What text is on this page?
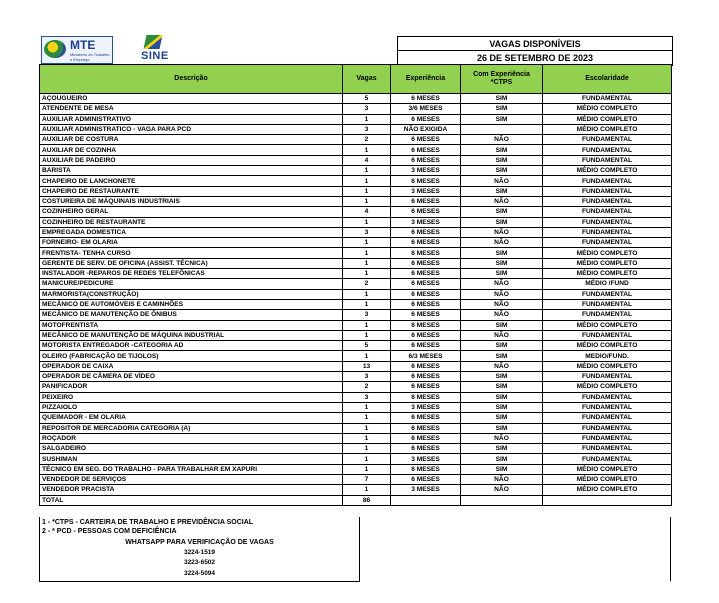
MTE
Ministério do Trabalho e Emprego	SINE
VAGAS DISPONÍVEIS
26 DE SETEMBRO DE 2023
Descrição	Vagas	Experiência	Com Experiência *CTPS	Escolaridade
AÇOUGUEIRO	5	6 MESES	SIM	FUNDAMENTAL
ATENDENTE DE MESA	3	3/6 MESES	SIM	MÉDIO COMPLETO
AUXILIAR ADMINISTRATIVO	1	6 MESES	SIM	MÉDIO COMPLETO
AUXILIAR ADMINISTRATICO - VAGA PARA PCD	3	NÃO EXIGIDA		MÉDIO COMPLETO
AUXILIAR DE COSTURA	2	6 MESES	NÃO	FUNDAMENTAL
AUXILIAR DE COZINHA	1	6 MESES	SIM	FUNDAMENTAL
AUXILIAR DE PADEIRO	4	6 MESES	SIM	FUNDAMENTAL
BARISTA	1	3 MESES	SIM	MÉDIO COMPLETO
CHAPEIRO DE LANCHONETE	1	6 MESES	NÃO	FUNDAMENTAL
CHAPEIRO DE RESTAURANTE	1	3 MESES	SIM	FUNDAMENTAL
COSTUREIRA DE MÁQUINAIS INDUSTRIAIS	1	6 MESES	NÃO	FUNDAMENTAL
COZINHEIRO GERAL	4	6 MESES	SIM	FUNDAMENTAL
COZINHEIRO DE RESTAURANTE	1	3 MESES	SIM	FUNDAMENTAL
EMPREGADA DOMESTICA	3	6 MESES	NÃO	FUNDAMENTAL
FORNEIRO- EM OLARIA	1	6 MESES	NÃO	FUNDAMENTAL
FRENTISTA- TENHA CURSO	1	6 MESES	SIM	MÉDIO COMPLETO
GERENTE DE SERV. DE OFICINA (ASSIST. TÉCNICA)	1	6 MESES	SIM	MÉDIO COMPLETO
INSTALADOR -REPAROS DE REDES TELEFÔNICAS	1	6 MESES	SIM	MÉDIO COMPLETO
MANICURE/PEDICURE	2	6 MESES	NÃO	MÉDIO /FUND
MARMORISTA(CONSTRUÇÃO)	1	6 MESES	NÃO	FUNDAMENTAL
MECÂNICO DE AUTOMÓVEIS E CAMINHÕES	1	6 MESES	NÃO	FUNDAMENTAL
MECÂNICO DE MANUTENÇÃO DE ÔNIBUS	3	6 MESES	NÃO	FUNDAMENTAL
MOTOFRENTISTA	1	6 MESES	SIM	MÉDIO COMPLETO
MECÂNICO DE MANUTENÇÃO DE MÁQUINA INDUSTRIAL	1	6 MESES	NÃO	FUNDAMENTAL
MOTORISTA ENTREGADOR -CATEGORIA AD	5	6 MESES	SIM	MÉDIO COMPLETO
OLEIRO (FABRICAÇÃO DE TIJOLOS)	1	6/3 MESES	SIM	MEDIO/FUND.
OPERADOR DE CAIXA	13	6 MESES	NÃO	MÉDIO COMPLETO
OPERADOR DE CÂMERA DE VÍDEO	3	6 MESES	SIM	FUNDAMENTAL
PANIFICADOR	2	6 MESES	SIM	MÉDIO COMPLETO
PEIXEIRO	3	6 MESES	SIM	FUNDAMENTAL
PIZZAIOLO	1	3 MESES	SIM	FUNDAMENTAL
QUEIMADOR - EM OLARIA	1	6 MESES	SIM	FUNDAMENTAL
REPOSITOR DE MERCADORIA CATEGORIA (A)	1	6 MESES	SIM	FUNDAMENTAL
ROÇADOR	1	6 MESES	NÃO	FUNDAMENTAL
SALGADEIRO	1	6 MESES	SIM	FUNDAMENTAL
SUSHIMAN	1	3 MESES	SIM	FUNDAMENTAL
TÉCNICO EM SEG. DO TRABALHO - PARA TRABALHAR EM XAPURI	1	6 MESES	SIM	MÉDIO COMPLETO
VENDEDOR DE SERVIÇOS	7	6 MESES	NÃO	MÉDIO COMPLETO
VENDEDOR PRACISTA	1	3 MESES	NÃO	MÉDIO COMPLETO
TOTAL	86			
1 - *CTPS - CARTEIRA DE TRABALHO E PREVIDÊNCIA SOCIAL
2 - * PCD - PESSOAS COM DEFICIÊNCIA
WHATSAPP PARA VERIFICAÇÃO DE VAGAS
3224-1519
3223-6502
3224-5094
